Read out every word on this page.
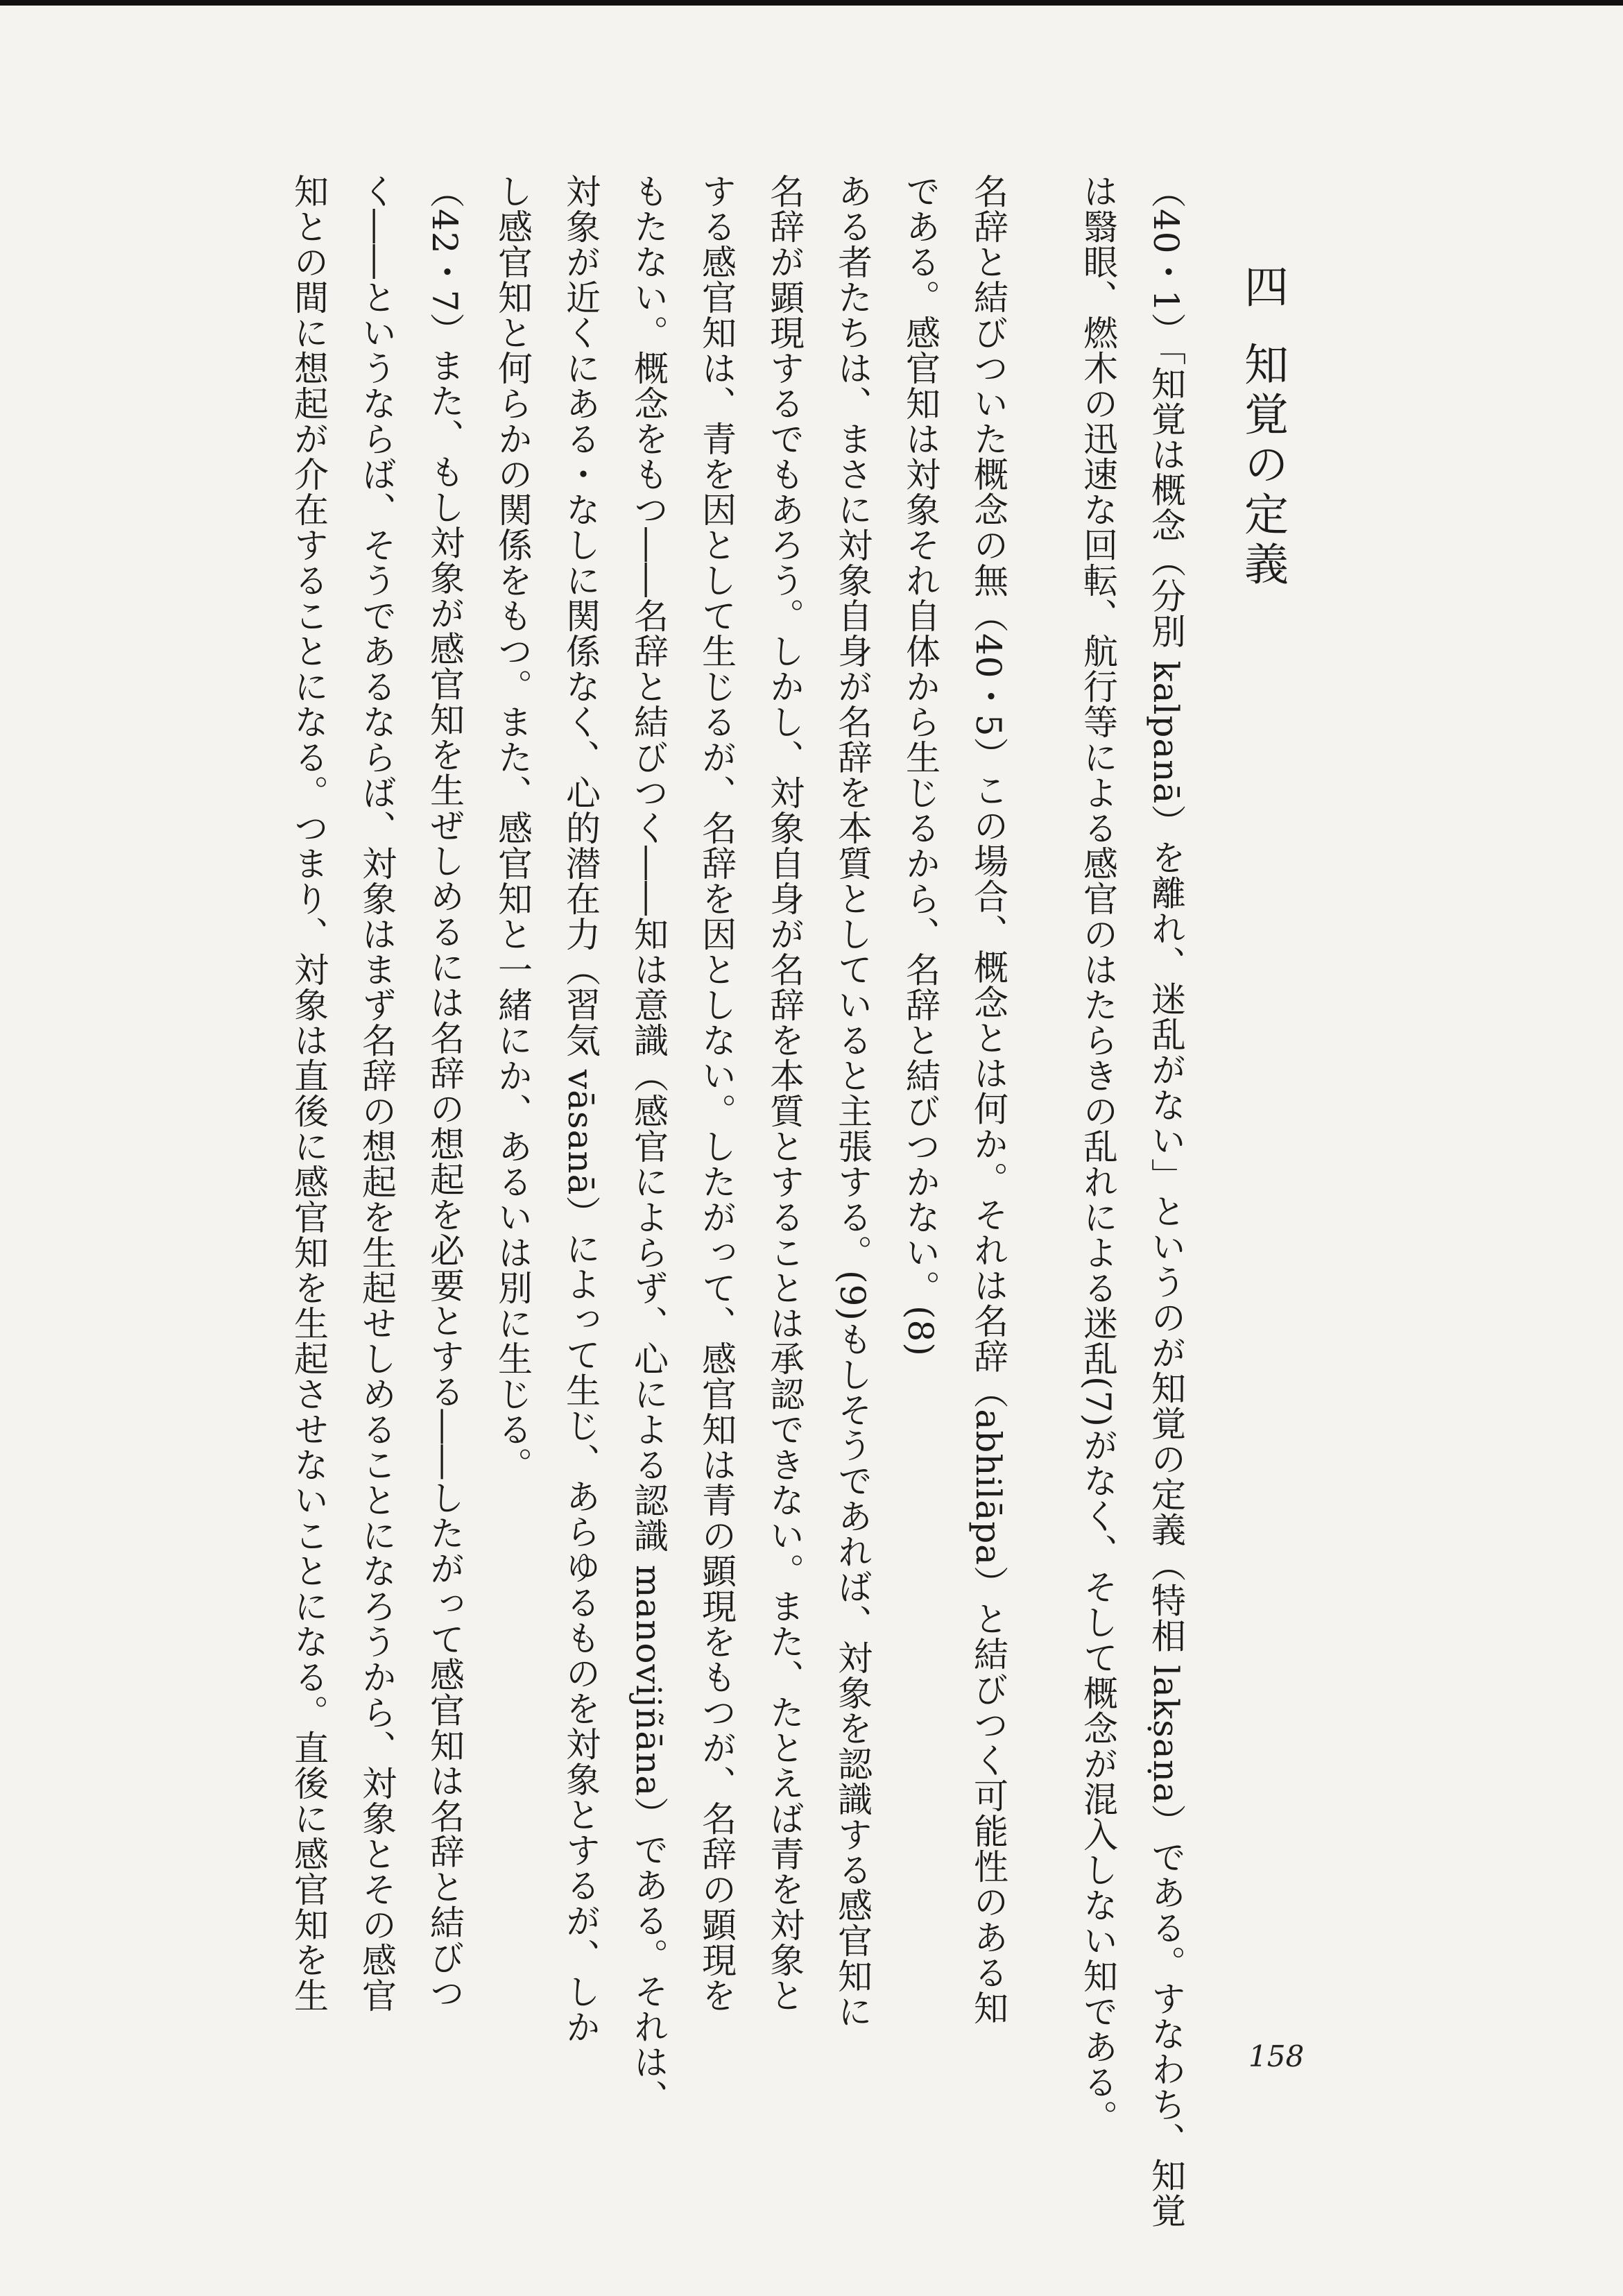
四知覚の定義
（40・1）「知覚は概念（分別 kalpanā）を離れ、迷乱がない」というのが知覚の定義（特相 lakṣaṇa）である。すなわち、知覚
は翳眼、燃木の迅速な回転、航行等による感官のはたらきの乱れによる迷乱(7)がなく、そして概念が混入しない知である。
名辞と結びついた概念の無（40・5）この場合、概念とは何か。それは名辞（abhilāpa）と結びつく可能性のある知
である。感官知は対象それ自体から生じるから、名辞と結びつかない。(8)
ある者たちは、まさに対象自身が名辞を本質としていると主張する。(9)もしそうであれば、対象を認識する感官知に
名辞が顕現するでもあろう。しかし、対象自身が名辞を本質とすることは承認できない。また、たとえば青を対象と
する感官知は、青を因として生じるが、名辞を因としない。したがって、感官知は青の顕現をもつが、名辞の顕現を
もたない。概念をもつ――名辞と結びつく――知は意識（感官によらず、心による認識 manovijñāna）である。それは、
対象が近くにある・なしに関係なく、心的潜在力（習気 vāsanā）によって生じ、あらゆるものを対象とするが、しか
し感官知と何らかの関係をもつ。また、感官知と一緒にか、あるいは別に生じる。
（42・7）また、もし対象が感官知を生ぜしめるには名辞の想起を必要とする――したがって感官知は名辞と結びつ
く――というならば、そうであるならば、対象はまず名辞の想起を生起せしめることになろうから、対象とその感官
知との間に想起が介在することになる。つまり、対象は直後に感官知を生起させないことになる。直後に感官知を生
158
